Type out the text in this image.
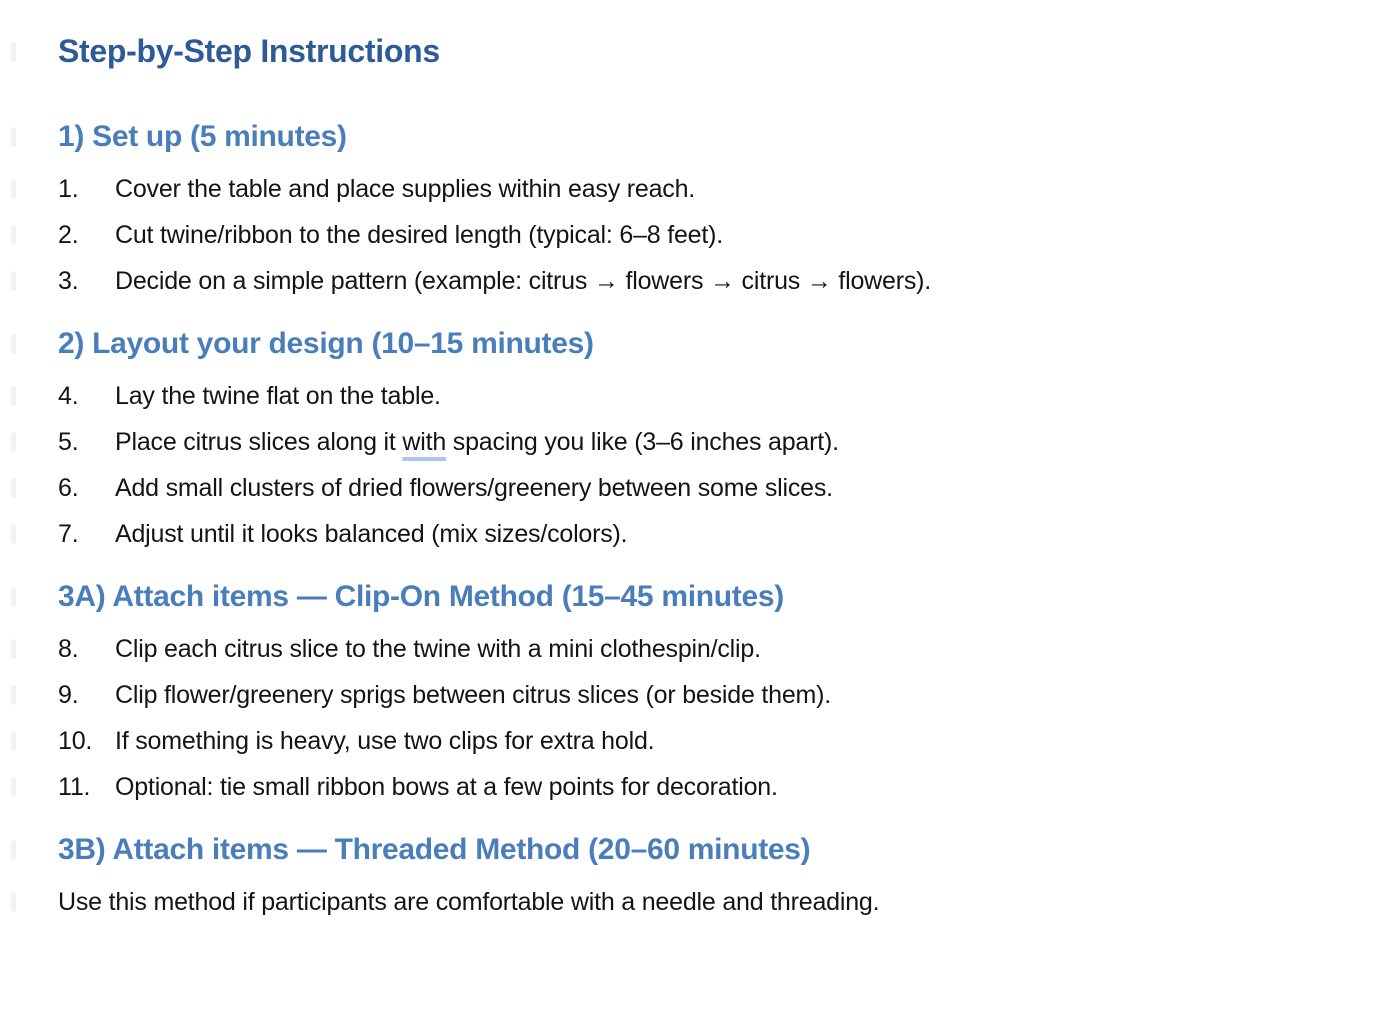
Step-by-Step Instructions
1) Set up (5 minutes)
1.	Cover the table and place supplies within easy reach.
2.	Cut twine/ribbon to the desired length (typical: 6–8 feet).
3.	Decide on a simple pattern (example: citrus → flowers → citrus → flowers).
2) Layout your design (10–15 minutes)
4.	Lay the twine flat on the table.
5.	Place citrus slices along it with spacing you like (3–6 inches apart).
6.	Add small clusters of dried flowers/greenery between some slices.
7.	Adjust until it looks balanced (mix sizes/colors).
3A) Attach items — Clip-On Method (15–45 minutes)
8.	Clip each citrus slice to the twine with a mini clothespin/clip.
9.	Clip flower/greenery sprigs between citrus slices (or beside them).
10. If something is heavy, use two clips for extra hold.
11. Optional: tie small ribbon bows at a few points for decoration.
3B) Attach items — Threaded Method (20–60 minutes)

Use this method if participants are comfortable with a needle and threading.
